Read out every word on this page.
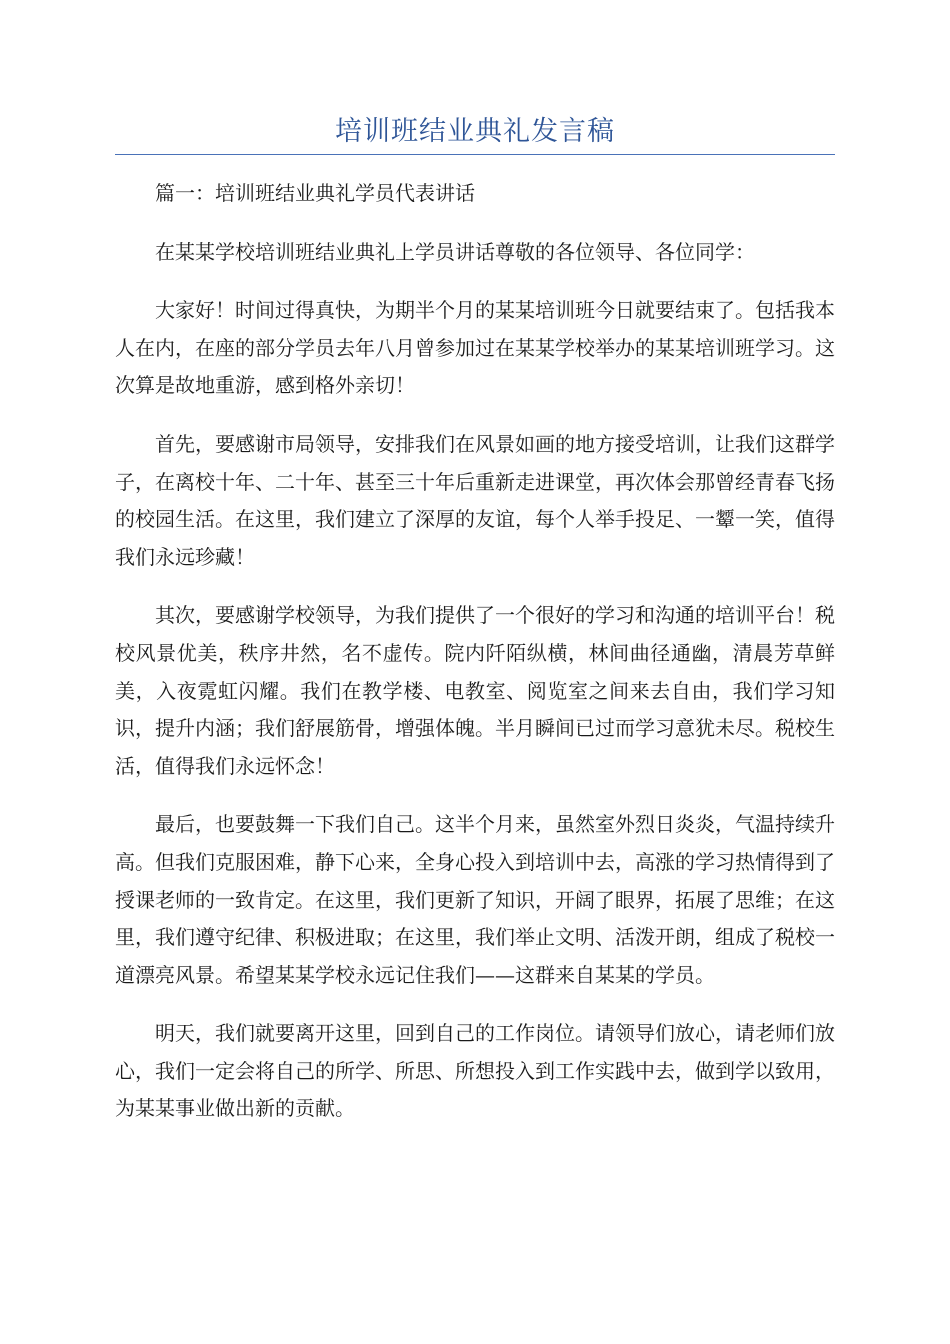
培训班结业典礼发言稿

篇一：培训班结业典礼学员代表讲话

在某某学校培训班结业典礼上学员讲话尊敬的各位领导、各位同学：

大家好！时间过得真快，为期半个月的某某培训班今日就要结束了。包括我本人在内，在座的部分学员去年八月曾参加过在某某学校举办的某某培训班学习。这次算是故地重游，感到格外亲切！

首先，要感谢市局领导，安排我们在风景如画的地方接受培训，让我们这群学子，在离校十年、二十年、甚至三十年后重新走进课堂，再次体会那曾经青春飞扬的校园生活。在这里，我们建立了深厚的友谊，每个人举手投足、一颦一笑，值得我们永远珍藏！

其次，要感谢学校领导，为我们提供了一个很好的学习和沟通的培训平台！税校风景优美，秩序井然，名不虚传。院内阡陌纵横，林间曲径通幽，清晨芳草鲜美，入夜霓虹闪耀。我们在教学楼、电教室、阅览室之间来去自由，我们学习知识，提升内涵；我们舒展筋骨，增强体魄。半月瞬间已过而学习意犹未尽。税校生活，值得我们永远怀念！

最后，也要鼓舞一下我们自己。这半个月来，虽然室外烈日炎炎，气温持续升高。但我们克服困难，静下心来，全身心投入到培训中去，高涨的学习热情得到了授课老师的一致肯定。在这里，我们更新了知识，开阔了眼界，拓展了思维；在这里，我们遵守纪律、积极进取；在这里，我们举止文明、活泼开朗，组成了税校一道漂亮风景。希望某某学校永远记住我们——这群来自某某的学员。

明天，我们就要离开这里，回到自己的工作岗位。请领导们放心，请老师们放心，我们一定会将自己的所学、所思、所想投入到工作实践中去，做到学以致用，为某某事业做出新的贡献。
